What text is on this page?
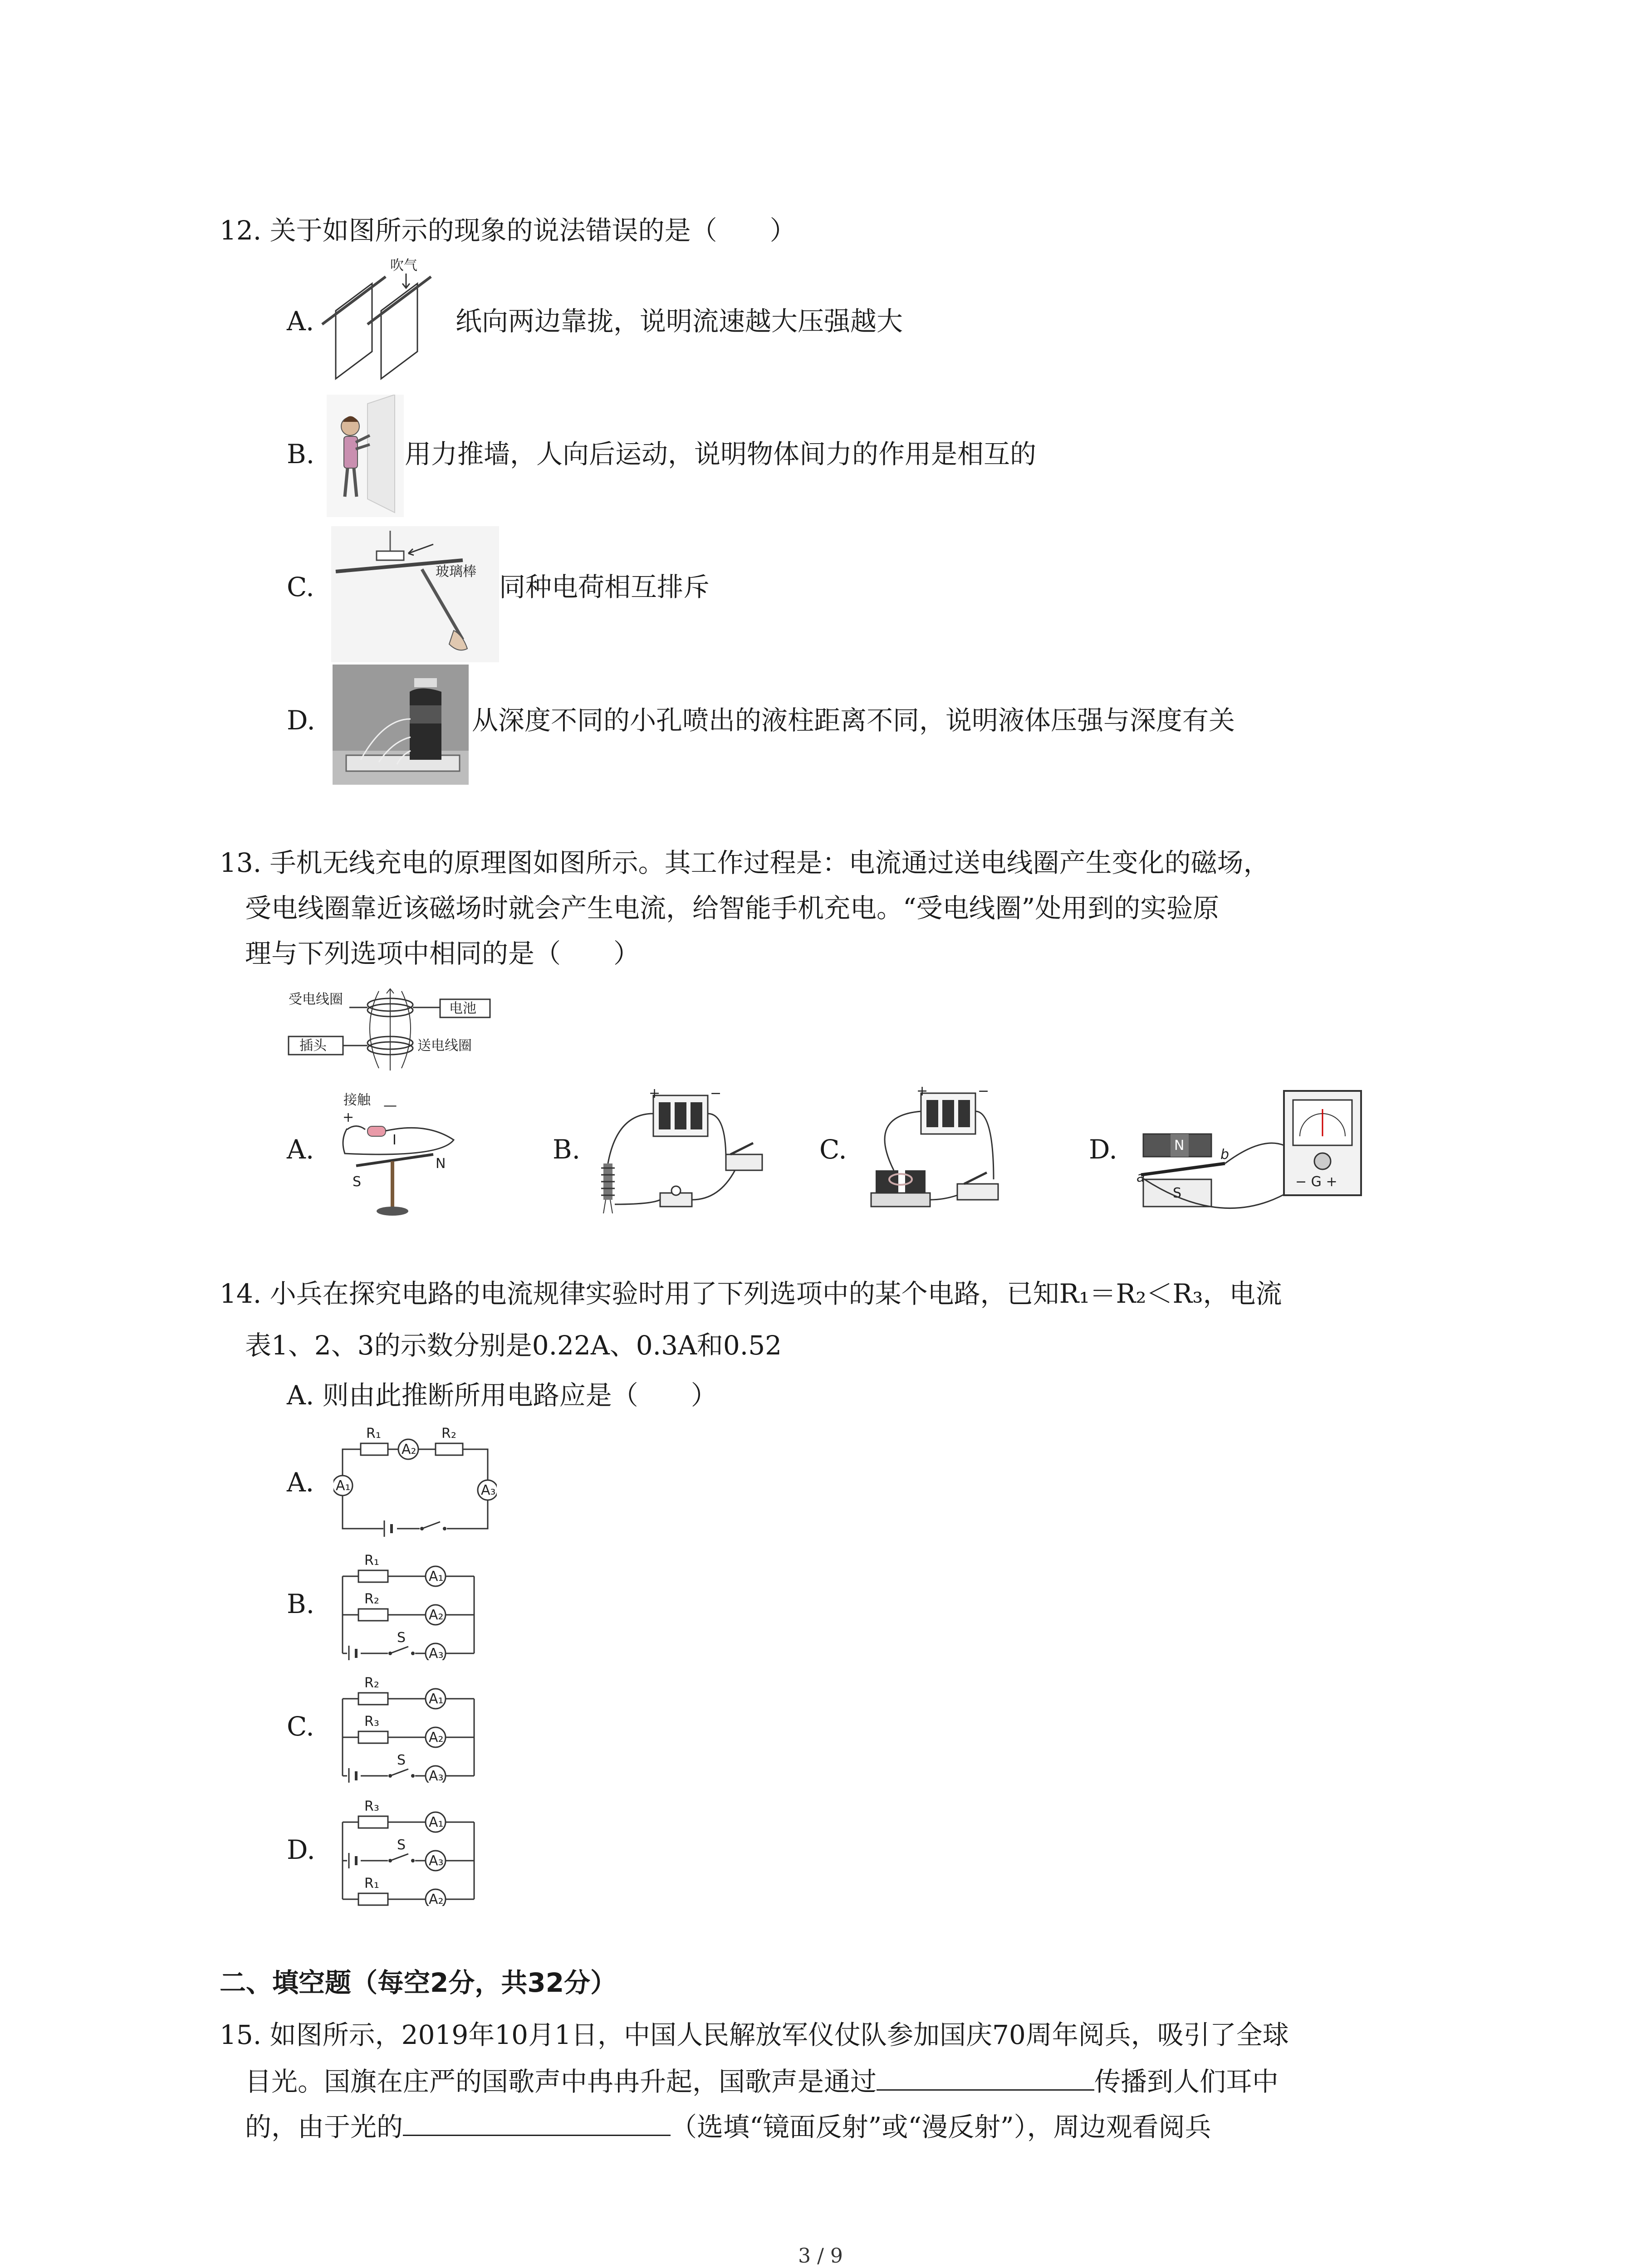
12. 关于如图所示的现象的说法错误的是（　　）
A.
吹气
纸向两边靠拢，说明流速越大压强越大
B.	用力推墙，人向后运动，说明物体间力的作用是相互的
C.	玻璃棒 同种电荷相互排斥
D.	从深度不同的小孔喷出的液柱距离不同，说明液体压强与深度有关
13. 手机无线充电的原理图如图所示。其工作过程是：电流通过送电线圈产生变化的磁场，
受电线圈靠近该磁场时就会产生电流，给智能手机充电。“受电线圈”处用到的实验原
理与下列选项中相同的是（　　）
受电线圈
电池
插头	送电线圈
A.
接触 —
+
I
S
N	B.
+	−
C.
+	−
D.	N
S
a
b
− G +
14. 小兵在探究电路的电流规律实验时用了下列选项中的某个电路，已知R₁＝R₂＜R₃，电流
表1、2、3的示数分别是0.22A、0.3A和0.52
A. 则由此推断所用电路应是（　　）
A．
R₁
A₂
R₂
A₁	A₃
B.
R₁
A₁
R₂
A₂
S
A₃
C.
R₂
A₁
R₃
A₂
S
A₃
D.
R₃
A₁
S
A₃
R₁
A₂
二、填空题（每空2分，共32分）
15. 如图所示，2019年10月1日，中国人民解放军仪仗队参加国庆70周年阅兵，吸引了全球
目光。国旗在庄严的国歌声中冉冉升起，国歌声是通过	传播到人们耳中
的，由于光的	（选填“镜面反射”或“漫反射”），周边观看阅兵
3 / 9
